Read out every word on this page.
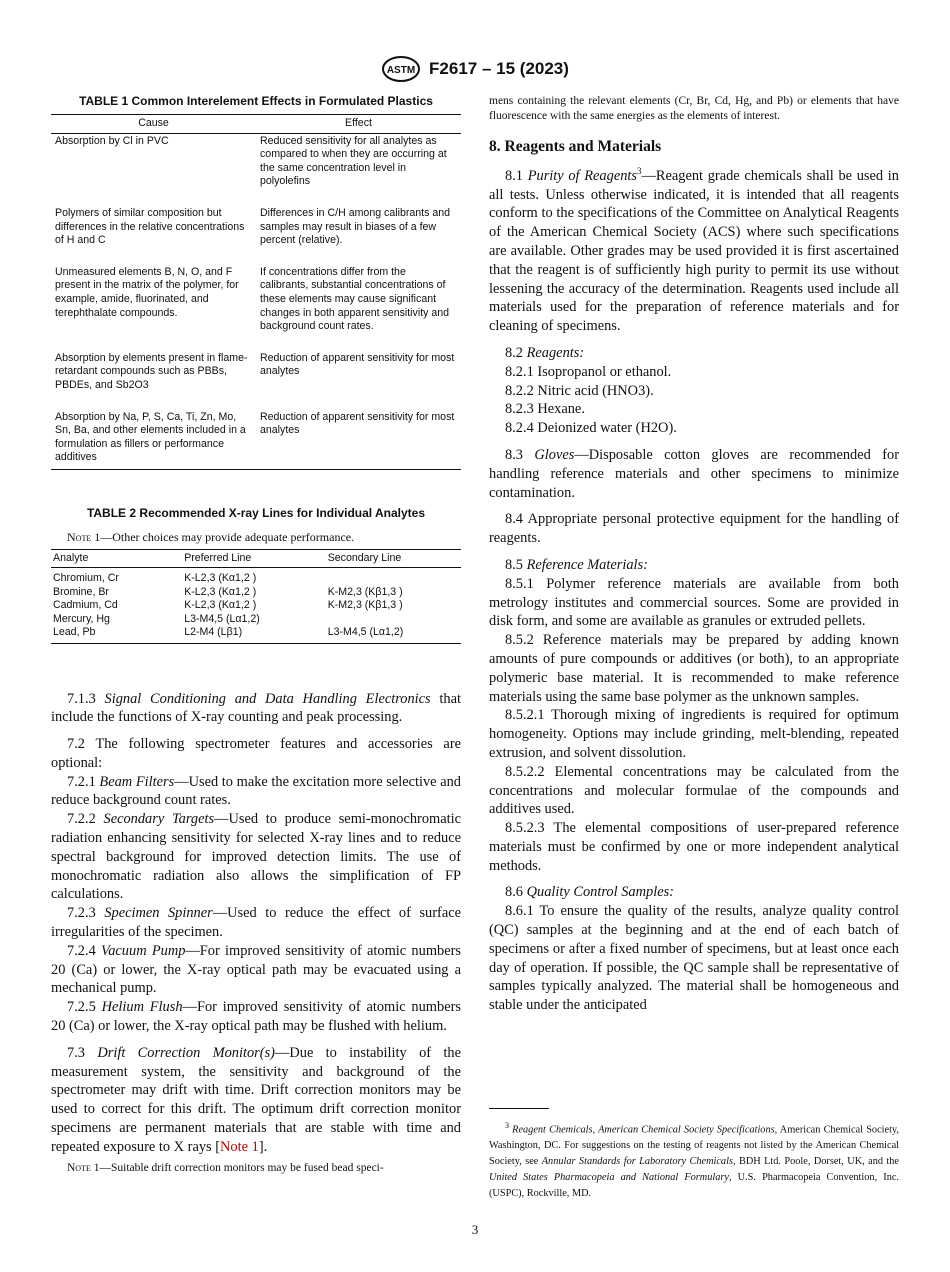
ASTM F2617 – 15 (2023)
TABLE 1 Common Interelement Effects in Formulated Plastics
Cause	Effect
Absorption by Cl in PVC	Reduced sensitivity for all analytes as compared to when they are occurring at the same concentration level in polyolefins

Polymers of similar composition but differences in the relative concentrations of H and C	Differences in C/H among calibrants and samples may result in biases of a few percent (relative).

Unmeasured elements B, N, O, and F present in the matrix of the polymer, for example, amide, fluorinated, and terephthalate compounds.	If concentrations differ from the calibrants, substantial concentrations of these elements may cause significant changes in both apparent sensitivity and background count rates.

Absorption by elements present in flame-retardant compounds such as PBBs, PBDEs, and Sb2O3	Reduction of apparent sensitivity for most analytes

Absorption by Na, P, S, Ca, Ti, Zn, Mo, Sn, Ba, and other elements included in a formulation as fillers or performance additives	Reduction of apparent sensitivity for most analytes
TABLE 2 Recommended X-ray Lines for Individual Analytes
Note 1—Other choices may provide adequate performance.
Analyte	Preferred Line	Secondary Line
Chromium, Cr	K-L2,3 (Kα1,2 )	
Bromine, Br	K-L2,3 (Kα1,2 )	K-M2,3 (Kβ1,3 )
Cadmium, Cd	K-L2,3 (Kα1,2 )	K-M2,3 (Kβ1,3 )
Mercury, Hg	L3-M4,5 (Lα1,2)	
Lead, Pb	L2-M4 (Lβ1)	L3-M4,5 (Lα1,2)

7.1.3 Signal Conditioning and Data Handling Electronics that include the functions of X-ray counting and peak processing.

7.2 The following spectrometer features and accessories are optional:

7.2.1 Beam Filters—Used to make the excitation more selective and reduce background count rates.

7.2.2 Secondary Targets—Used to produce semi-monochromatic radiation enhancing sensitivity for selected X-ray lines and to reduce spectral background for improved detection limits. The use of monochromatic radiation also allows the simplification of FP calculations.

7.2.3 Specimen Spinner—Used to reduce the effect of surface irregularities of the specimen.

7.2.4 Vacuum Pump—For improved sensitivity of atomic numbers 20 (Ca) or lower, the X-ray optical path may be evacuated using a mechanical pump.

7.2.5 Helium Flush—For improved sensitivity of atomic numbers 20 (Ca) or lower, the X-ray optical path may be flushed with helium.

7.3 Drift Correction Monitor(s)—Due to instability of the measurement system, the sensitivity and background of the spectrometer may drift with time. Drift correction monitors may be used to correct for this drift. The optimum drift correction monitor specimens are permanent materials that are stable with time and repeated exposure to X rays [Note 1].

Note 1—Suitable drift correction monitors may be fused bead speci-

mens containing the relevant elements (Cr, Br, Cd, Hg, and Pb) or elements that have fluorescence with the same energies as the elements of interest.

8. Reagents and Materials

8.1 Purity of Reagents$^3$—Reagent grade chemicals shall be used in all tests. Unless otherwise indicated, it is intended that all reagents conform to the specifications of the Committee on Analytical Reagents of the American Chemical Society (ACS) where such specifications are available. Other grades may be used provided it is first ascertained that the reagent is of sufficiently high purity to permit its use without lessening the accuracy of the determination. Reagents used include all materials used for the preparation of reference materials and for cleaning of specimens.

8.2 Reagents:

8.2.1 Isopropanol or ethanol.

8.2.2 Nitric acid (HNO3).

8.2.3 Hexane.

8.2.4 Deionized water (H2O).

8.3 Gloves—Disposable cotton gloves are recommended for handling reference materials and other specimens to minimize contamination.

8.4 Appropriate personal protective equipment for the handling of reagents.

8.5 Reference Materials:

8.5.1 Polymer reference materials are available from both metrology institutes and commercial sources. Some are provided in disk form, and some are available as granules or extruded pellets.

8.5.2 Reference materials may be prepared by adding known amounts of pure compounds or additives (or both), to an appropriate polymeric base material. It is recommended to make reference materials using the same base polymer as the unknown samples.

8.5.2.1 Thorough mixing of ingredients is required for optimum homogeneity. Options may include grinding, melt-blending, repeated extrusion, and solvent dissolution.

8.5.2.2 Elemental concentrations may be calculated from the concentrations and molecular formulae of the compounds and additives used.

8.5.2.3 The elemental compositions of user-prepared reference materials must be confirmed by one or more independent analytical methods.

8.6 Quality Control Samples:

8.6.1 To ensure the quality of the results, analyze quality control (QC) samples at the beginning and at the end of each batch of specimens or after a fixed number of specimens, but at least once each day of operation. If possible, the QC sample shall be representative of samples typically analyzed. The material shall be homogeneous and stable under the anticipated

$^3$ Reagent Chemicals, American Chemical Society Specifications, American Chemical Society, Washington, DC. For suggestions on the testing of reagents not listed by the American Chemical Society, see Annular Standards for Laboratory Chemicals, BDH Ltd. Poole, Dorset, UK, and the United States Pharmacopeia and National Formulary, U.S. Pharmacopeia Convention, Inc. (USPC), Rockville, MD.
3
